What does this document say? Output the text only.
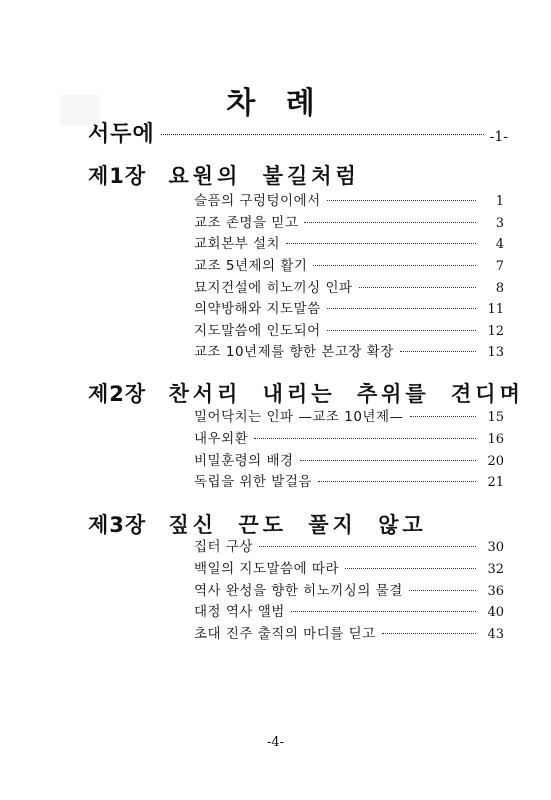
차 례
서두에	-1-
제1장 요원의 불길처럼
슬픔의 구렁텅이에서	1
교조 존명을 믿고	3
교회본부 설치	4
교조 5년제의 활기	7
묘지건설에 히노끼싱 인파	8
의약방해와 지도말씀	11
지도말씀에 인도되어	12
교조 10년제를 향한 본고장 확장	13
제2장 찬서리 내리는 추위를 견디며
밀어닥치는 인파 —교조 10년제—	15
내우외환	16
비밀훈령의 배경	20
독립을 위한 발걸음	21
제3장 짚신 끈도 풀지 않고
집터 구상	30
백일의 지도말씀에 따라	32
역사 완성을 향한 히노끼싱의 물결	36
대정 역사 앨범	40
초대 진주 출직의 마디를 딛고	43
-4-
